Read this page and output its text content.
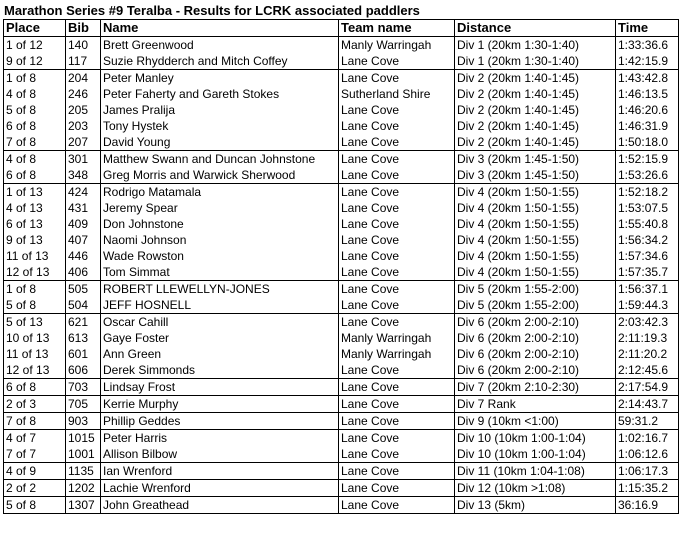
Marathon Series #9 Teralba - Results for LCRK associated paddlers
Place	Bib	Name	Team name	Distance	Time
1 of 12	140	Brett Greenwood	Manly Warringah	Div 1 (20km 1:30-1:40)	1:33:36.6
9 of 12	117	Suzie Rhydderch and Mitch Coffey	Lane Cove	Div 1 (20km 1:30-1:40)	1:42:15.9
1 of 8	204	Peter Manley	Lane Cove	Div 2 (20km 1:40-1:45)	1:43:42.8
4 of 8	246	Peter Faherty and Gareth Stokes	Sutherland Shire	Div 2 (20km 1:40-1:45)	1:46:13.5
5 of 8	205	James Pralija	Lane Cove	Div 2 (20km 1:40-1:45)	1:46:20.6
6 of 8	203	Tony Hystek	Lane Cove	Div 2 (20km 1:40-1:45)	1:46:31.9
7 of 8	207	David Young	Lane Cove	Div 2 (20km 1:40-1:45)	1:50:18.0
4 of 8	301	Matthew Swann and Duncan Johnstone	Lane Cove	Div 3 (20km 1:45-1:50)	1:52:15.9
6 of 8	348	Greg Morris and Warwick Sherwood	Lane Cove	Div 3 (20km 1:45-1:50)	1:53:26.6
1 of 13	424	Rodrigo Matamala	Lane Cove	Div 4 (20km 1:50-1:55)	1:52:18.2
4 of 13	431	Jeremy Spear	Lane Cove	Div 4 (20km 1:50-1:55)	1:53:07.5
6 of 13	409	Don Johnstone	Lane Cove	Div 4 (20km 1:50-1:55)	1:55:40.8
9 of 13	407	Naomi Johnson	Lane Cove	Div 4 (20km 1:50-1:55)	1:56:34.2
11 of 13	446	Wade Rowston	Lane Cove	Div 4 (20km 1:50-1:55)	1:57:34.6
12 of 13	406	Tom Simmat	Lane Cove	Div 4 (20km 1:50-1:55)	1:57:35.7
1 of 8	505	ROBERT LLEWELLYN-JONES	Lane Cove	Div 5 (20km 1:55-2:00)	1:56:37.1
5 of 8	504	JEFF HOSNELL	Lane Cove	Div 5 (20km 1:55-2:00)	1:59:44.3
5 of 13	621	Oscar Cahill	Lane Cove	Div 6 (20km 2:00-2:10)	2:03:42.3
10 of 13	613	Gaye Foster	Manly Warringah	Div 6 (20km 2:00-2:10)	2:11:19.3
11 of 13	601	Ann Green	Manly Warringah	Div 6 (20km 2:00-2:10)	2:11:20.2
12 of 13	606	Derek Simmonds	Lane Cove	Div 6 (20km 2:00-2:10)	2:12:45.6
6 of 8	703	Lindsay Frost	Lane Cove	Div 7 (20km 2:10-2:30)	2:17:54.9
2 of 3	705	Kerrie Murphy	Lane Cove	Div 7 Rank	2:14:43.7
7 of 8	903	Phillip Geddes	Lane Cove	Div 9 (10km <1:00)	59:31.2
4 of 7	1015	Peter Harris	Lane Cove	Div 10 (10km 1:00-1:04)	1:02:16.7
7 of 7	1001	Allison Bilbow	Lane Cove	Div 10 (10km 1:00-1:04)	1:06:12.6
4 of 9	1135	Ian Wrenford	Lane Cove	Div 11 (10km 1:04-1:08)	1:06:17.3
2 of 2	1202	Lachie Wrenford	Lane Cove	Div 12 (10km >1:08)	1:15:35.2
5 of 8	1307	John Greathead	Lane Cove	Div 13 (5km)	36:16.9
